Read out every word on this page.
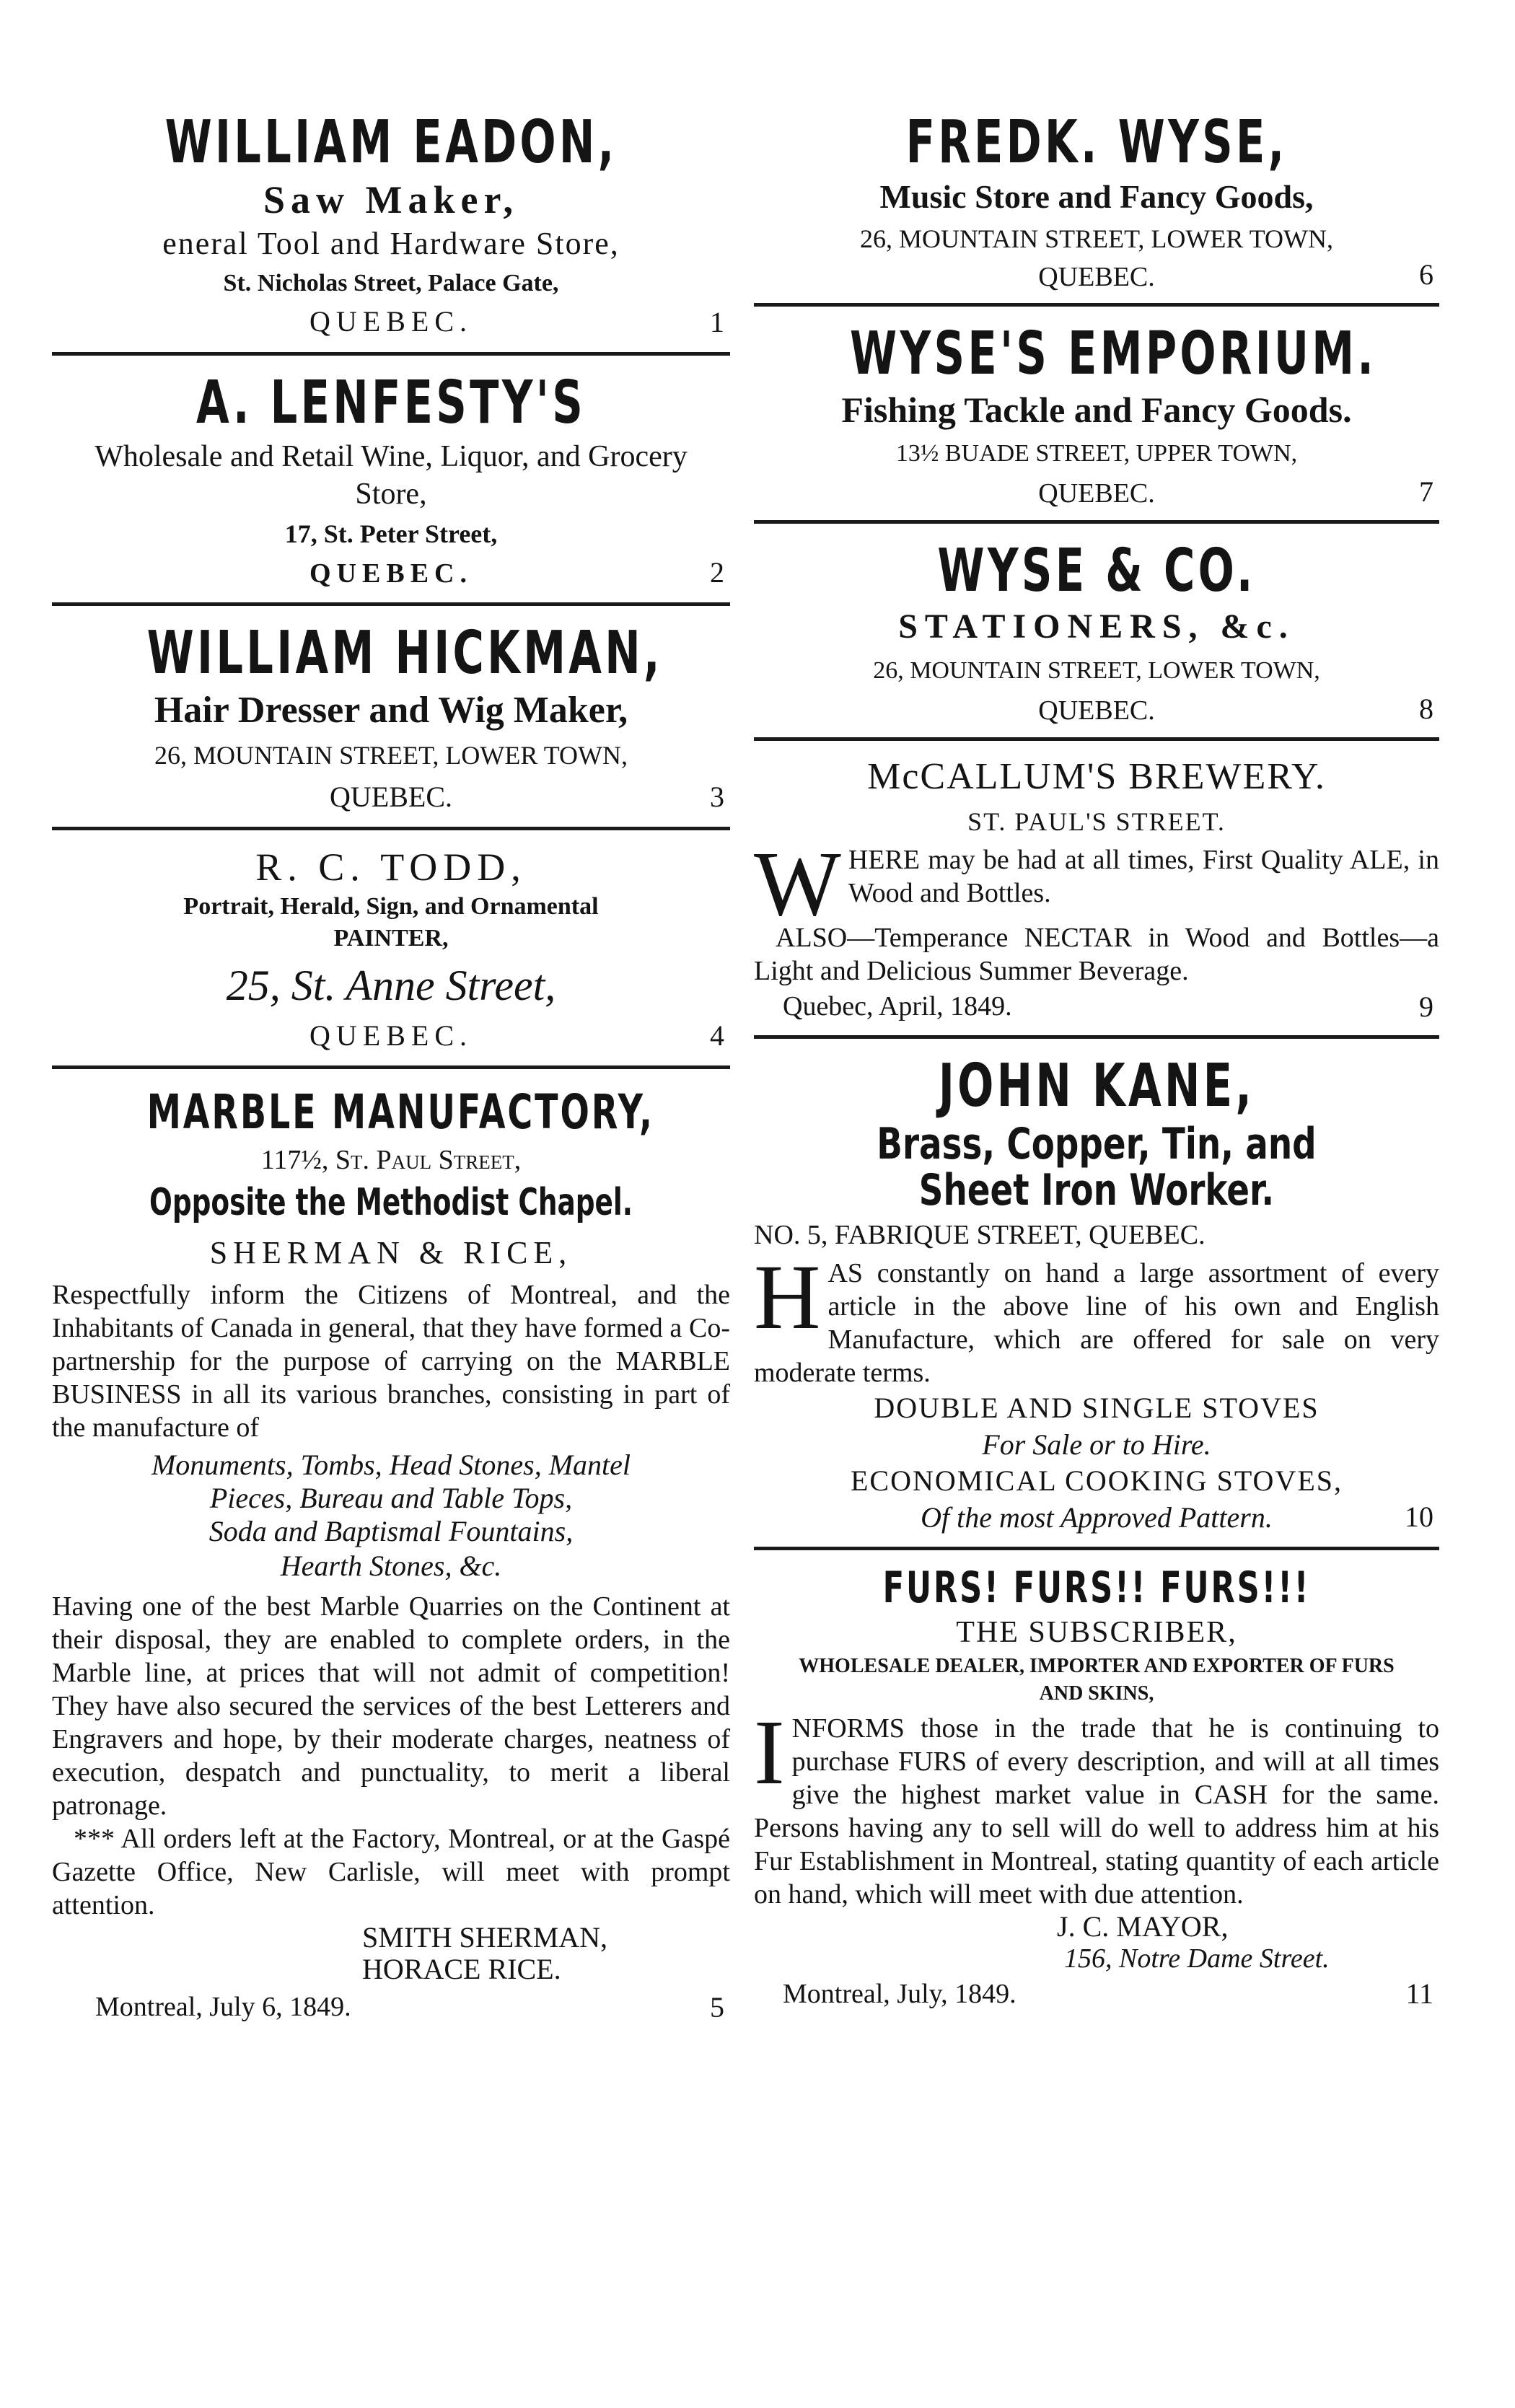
WILLIAM EADON,
Saw Maker,
eneral Tool and Hardware Store,
St. Nicholas Street, Palace Gate,
QUEBEC.	1
A. LENFESTY'S
Wholesale and Retail Wine, Liquor, and Grocery Store,
17, St. Peter Street,
QUEBEC.	2
WILLIAM HICKMAN,
Hair Dresser and Wig Maker,
26, MOUNTAIN STREET, LOWER TOWN,
QUEBEC.	3
R. C. TODD,
Portrait, Herald, Sign, and Ornamental
PAINTER,
25, St. Anne Street,
QUEBEC.	4
MARBLE MANUFACTORY,
117½, St. Paul Street,
Opposite the Methodist Chapel.
SHERMAN & RICE,

Respectfully inform the Citizens of Montreal, and the Inhabitants of Canada in general, that they have formed a Co-partnership for the purpose of carrying on the MARBLE BUSINESS in all its various branches, consisting in part of the manufacture of

Monuments, Tombs, Head Stones, Mantel
Pieces, Bureau and Table Tops,
Soda and Baptismal Fountains,
Hearth Stones, &c.

Having one of the best Marble Quarries on the Continent at their disposal, they are enabled to complete orders, in the Marble line, at prices that will not admit of competition! They have also secured the services of the best Letterers and Engravers and hope, by their moderate charges, neatness of execution, despatch and punctuality, to merit a liberal patronage.

*** All orders left at the Factory, Montreal, or at the Gaspé Gazette Office, New Carlisle, will meet with prompt attention.

SMITH SHERMAN,
HORACE RICE.
Montreal, July 6, 1849.	5
FREDK. WYSE,
Music Store and Fancy Goods,
26, MOUNTAIN STREET, LOWER TOWN,
QUEBEC.	6
WYSE'S EMPORIUM.
Fishing Tackle and Fancy Goods.
13½ BUADE STREET, UPPER TOWN,
QUEBEC.	7
WYSE & CO.
STATIONERS, &c.
26, MOUNTAIN STREET, LOWER TOWN,
QUEBEC.	8
McCALLUM'S BREWERY.
ST. PAUL'S STREET.
WHERE may be had at all times, First Quality ALE, in Wood and Bottles.

ALSO—Temperance NECTAR in Wood and Bottles—a Light and Delicious Summer Beverage.

Quebec, April, 1849.	9
JOHN KANE,
Brass, Copper, Tin, and Sheet Iron Worker.
NO. 5, FABRIQUE STREET, QUEBEC.
HAS constantly on hand a large assortment of every article in the above line of his own and English Manufacture, which are offered for sale on very moderate terms.
DOUBLE AND SINGLE STOVES
For Sale or to Hire.
ECONOMICAL COOKING STOVES,
Of the most Approved Pattern.	10
FURS! FURS!! FURS!!!
THE SUBSCRIBER,
WHOLESALE DEALER, IMPORTER AND EXPORTER OF FURS AND SKINS,
INFORMS those in the trade that he is continuing to purchase FURS of every description, and will at all times give the highest market value in CASH for the same. Persons having any to sell will do well to address him at his Fur Establishment in Montreal, stating quantity of each article on hand, which will meet with due attention.
J. C. MAYOR,
156, Notre Dame Street.
Montreal, July, 1849.	11
